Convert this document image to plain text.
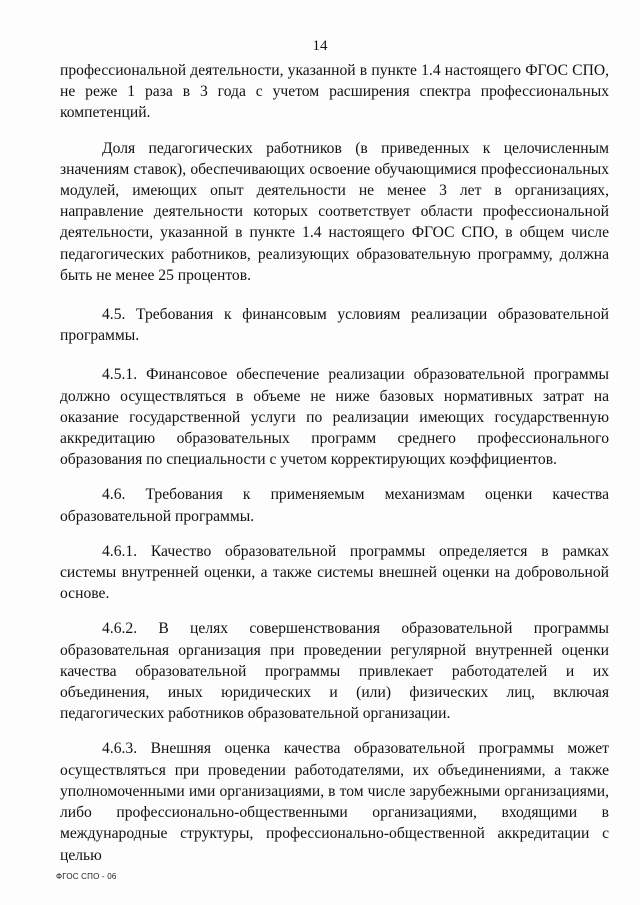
14

профессиональной деятельности, указанной в пункте 1.4 настоящего ФГОС СПО, не реже 1 раза в 3 года с учетом расширения спектра профессиональных компетенций.

Доля педагогических работников (в приведенных к целочисленным значениям ставок), обеспечивающих освоение обучающимися профессиональных модулей, имеющих опыт деятельности не менее 3 лет в организациях, направление деятельности которых соответствует области профессиональной деятельности, указанной в пункте 1.4 настоящего ФГОС СПО, в общем числе педагогических работников, реализующих образовательную программу, должна быть не менее 25 процентов.

4.5. Требования к финансовым условиям реализации образовательной программы.

4.5.1. Финансовое обеспечение реализации образовательной программы должно осуществляться в объеме не ниже базовых нормативных затрат на оказание государственной услуги по реализации имеющих государственную аккредитацию образовательных программ среднего профессионального образования по специальности с учетом корректирующих коэффициентов.

4.6. Требования к применяемым механизмам оценки качества образовательной программы.

4.6.1. Качество образовательной программы определяется в рамках системы внутренней оценки, а также системы внешней оценки на добровольной основе.

4.6.2. В целях совершенствования образовательной программы образовательная организация при проведении регулярной внутренней оценки качества образовательной программы привлекает работодателей и их объединения, иных юридических и (или) физических лиц, включая педагогических работников образовательной организации.

4.6.3. Внешняя оценка качества образовательной программы может осуществляться при проведении работодателями, их объединениями, а также уполномоченными ими организациями, в том числе зарубежными организациями, либо профессионально-общественными организациями, входящими в международные структуры, профессионально-общественной аккредитации с целью

ФГОС СПО - 06
